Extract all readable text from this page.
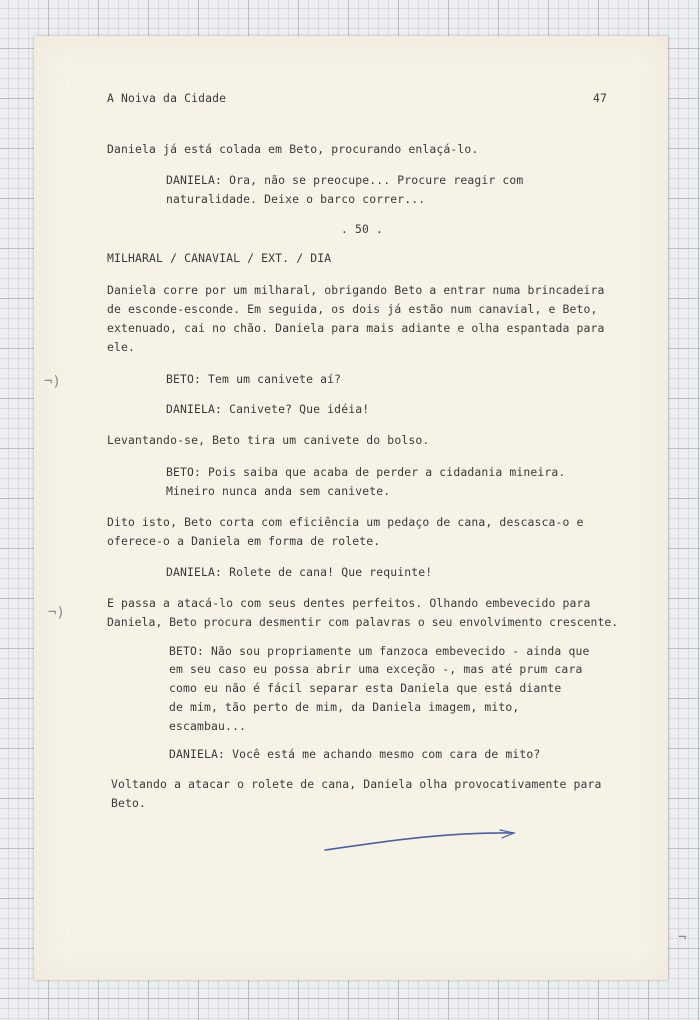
A Noiva da Cidade	47

Daniela já está colada em Beto, procurando enlaçá-lo.

DANIELA: Ora, não se preocupe... Procure reagir com

naturalidade. Deixe o barco correr...

. 50 .

MILHARAL / CANAVIAL / EXT. / DIA

Daniela corre por um milharal, obrigando Beto a entrar numa brincadeira

de esconde-esconde. Em seguida, os dois já estão num canavial, e Beto,

extenuado, cai no chão. Daniela para mais adiante e olha espantada para

ele.

BETO: Tem um canivete aí?

DANIELA: Canivete? Que idéia!

Levantando-se, Beto tira um canivete do bolso.

BETO: Pois saiba que acaba de perder a cidadania mineira.

Mineiro nunca anda sem canivete.

Dito isto, Beto corta com eficiência um pedaço de cana, descasca-o e

oferece-o a Daniela em forma de rolete.

DANIELA: Rolete de cana! Que requinte!

E passa a atacá-lo com seus dentes perfeitos. Olhando embevecido para

Daniela, Beto procura desmentir com palavras o seu envolvimento crescente.

BETO: Não sou propriamente um fanzoca embevecido - ainda que

em seu caso eu possa abrir uma exceção -, mas até prum cara

como eu não é fácil separar esta Daniela que está diante

de mim, tão perto de mim, da Daniela imagem, mito,

escambau...

DANIELA: Você está me achando mesmo com cara de mito?

Voltando a atacar o rolete de cana, Daniela olha provocativamente para

Beto.

¬)
¬)
¬
